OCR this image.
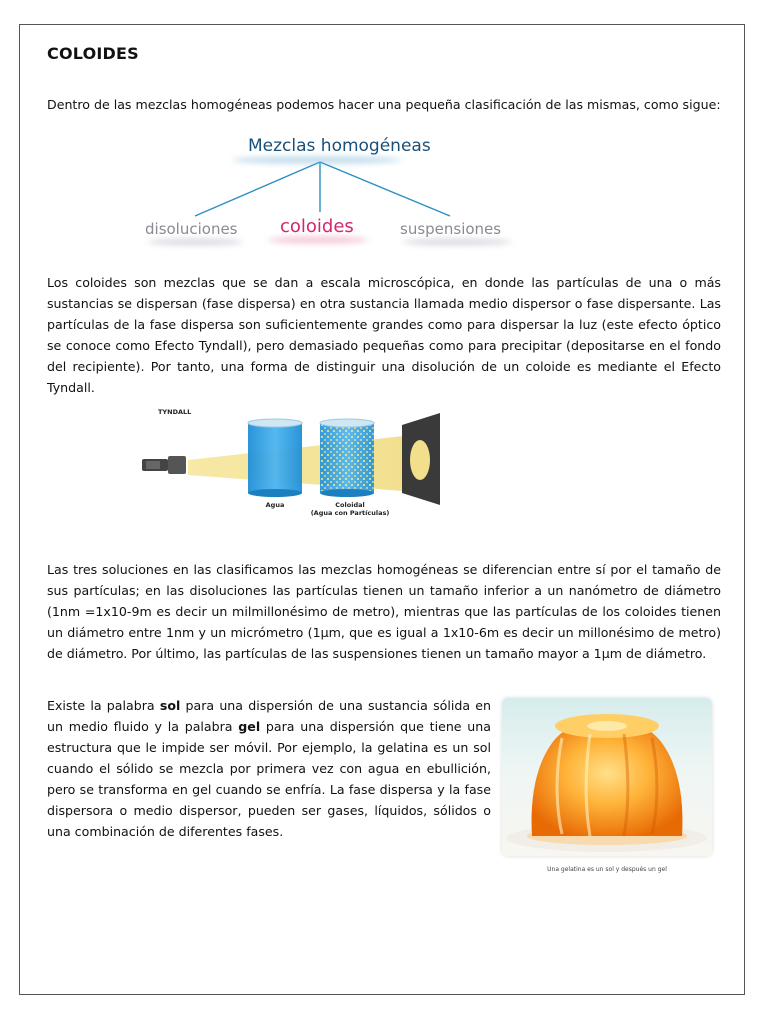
COLOIDES

Dentro de las mezclas homogéneas podemos hacer una pequeña clasificación de las mismas, como sigue:

Mezclas homogéneas
disoluciones coloides	suspensiones

Los coloides son mezclas que se dan a escala microscópica, en donde las partículas de una o más sustancias se dispersan (fase dispersa) en otra sustancia llamada medio dispersor o fase dispersante. Las partículas de la fase dispersa son suficientemente grandes como para dispersar la luz (este efecto óptico se conoce como Efecto Tyndall), pero demasiado pequeñas como para precipitar (depositarse en el fondo del recipiente). Por tanto, una forma de distinguir una disolución de un coloide es mediante el Efecto Tyndall.

TYNDALL
Agua	Coloidal
(Agua con Partículas)

Las tres soluciones en las clasificamos las mezclas homogéneas se diferencian entre sí por el tamaño de sus partículas; en las disoluciones las partículas tienen un tamaño inferior a un nanómetro de diámetro (1nm =1x10-9m es decir un milmillonésimo de metro), mientras que las partículas de los coloides tienen un diámetro entre 1nm y un micrómetro (1µm, que es igual a 1x10-6m es decir un millonésimo de metro) de diámetro. Por último, las partículas de las suspensiones tienen un tamaño mayor a 1µm de diámetro.

Existe la palabra sol para una dispersión de una sustancia sólida en un medio fluido y la palabra gel para una dispersión que tiene una estructura que le impide ser móvil. Por ejemplo, la gelatina es un sol cuando el sólido se mezcla por primera vez con agua en ebullición, pero se transforma en gel cuando se enfría. La fase dispersa y la fase dispersora o medio dispersor, pueden ser gases, líquidos, sólidos o una combinación de diferentes fases.

Una gelatina es un sol y después un gel
